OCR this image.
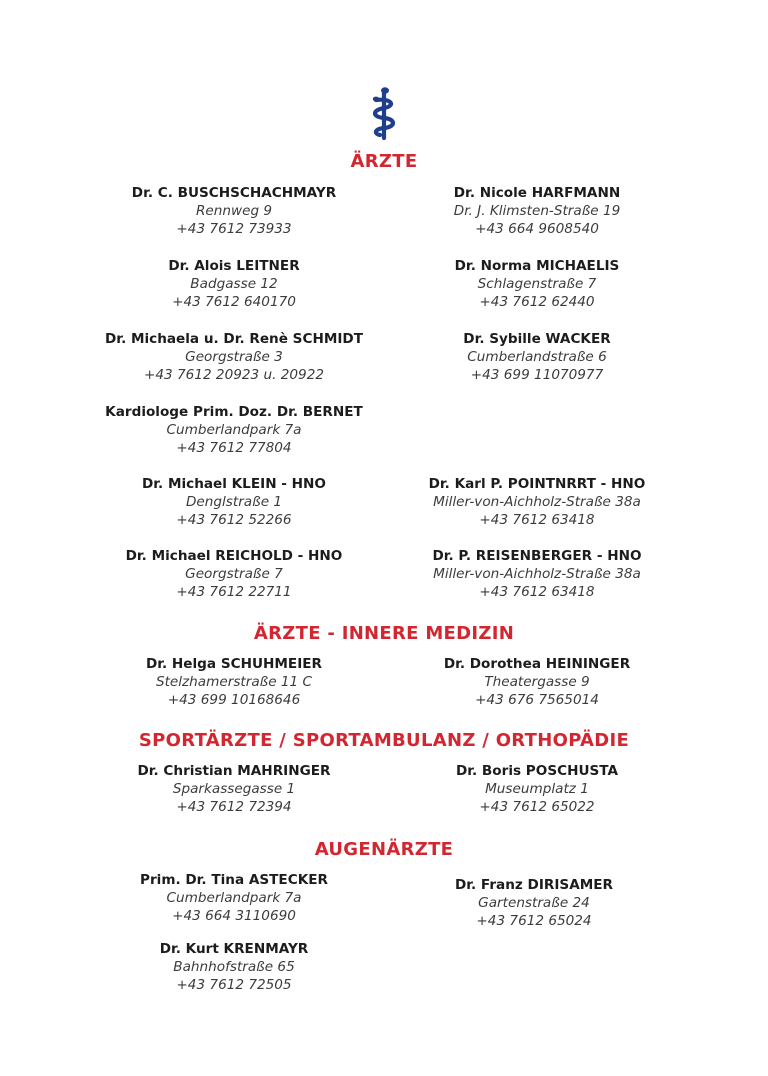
ÄRZTE
Dr. C. BUSCHSCHACHMAYR
Rennweg 9
+43 7612 73933
Dr. Alois LEITNER
Badgasse 12
+43 7612 640170
Dr. Michaela u. Dr. Renè SCHMIDT
Georgstraße 3
+43 7612 20923 u. 20922
Kardiologe Prim. Doz. Dr. BERNET
Cumberlandpark 7a
+43 7612 77804
Dr. Michael KLEIN - HNO
Denglstraße 1
+43 7612 52266
Dr. Michael REICHOLD - HNO
Georgstraße 7
+43 7612 22711
Dr. Nicole HARFMANN
Dr. J. Klimsten-Straße 19
+43 664 9608540
Dr. Norma MICHAELIS
Schlagenstraße 7
+43 7612 62440
Dr. Sybille WACKER
Cumberlandstraße 6
+43 699 11070977
Dr. Karl P. POINTNRRT - HNO
Miller-von-Aichholz-Straße 38a
+43 7612 63418
Dr. P. REISENBERGER - HNO
Miller-von-Aichholz-Straße 38a
+43 7612 63418
ÄRZTE - INNERE MEDIZIN
Dr. Helga SCHUHMEIER
Stelzhamerstraße 11 C
+43 699 10168646
Dr. Dorothea HEININGER
Theatergasse 9
+43 676 7565014
SPORTÄRZTE / SPORTAMBULANZ / ORTHOPÄDIE
Dr. Christian MAHRINGER
Sparkassegasse 1
+43 7612 72394
Dr. Boris POSCHUSTA
Museumplatz 1
+43 7612 65022
AUGENÄRZTE
Prim. Dr. Tina ASTECKER
Cumberlandpark 7a
+43 664 3110690
Dr. Kurt KRENMAYR
Bahnhofstraße 65
+43 7612 72505
Dr. Franz DIRISAMER
Gartenstraße 24
+43 7612 65024
